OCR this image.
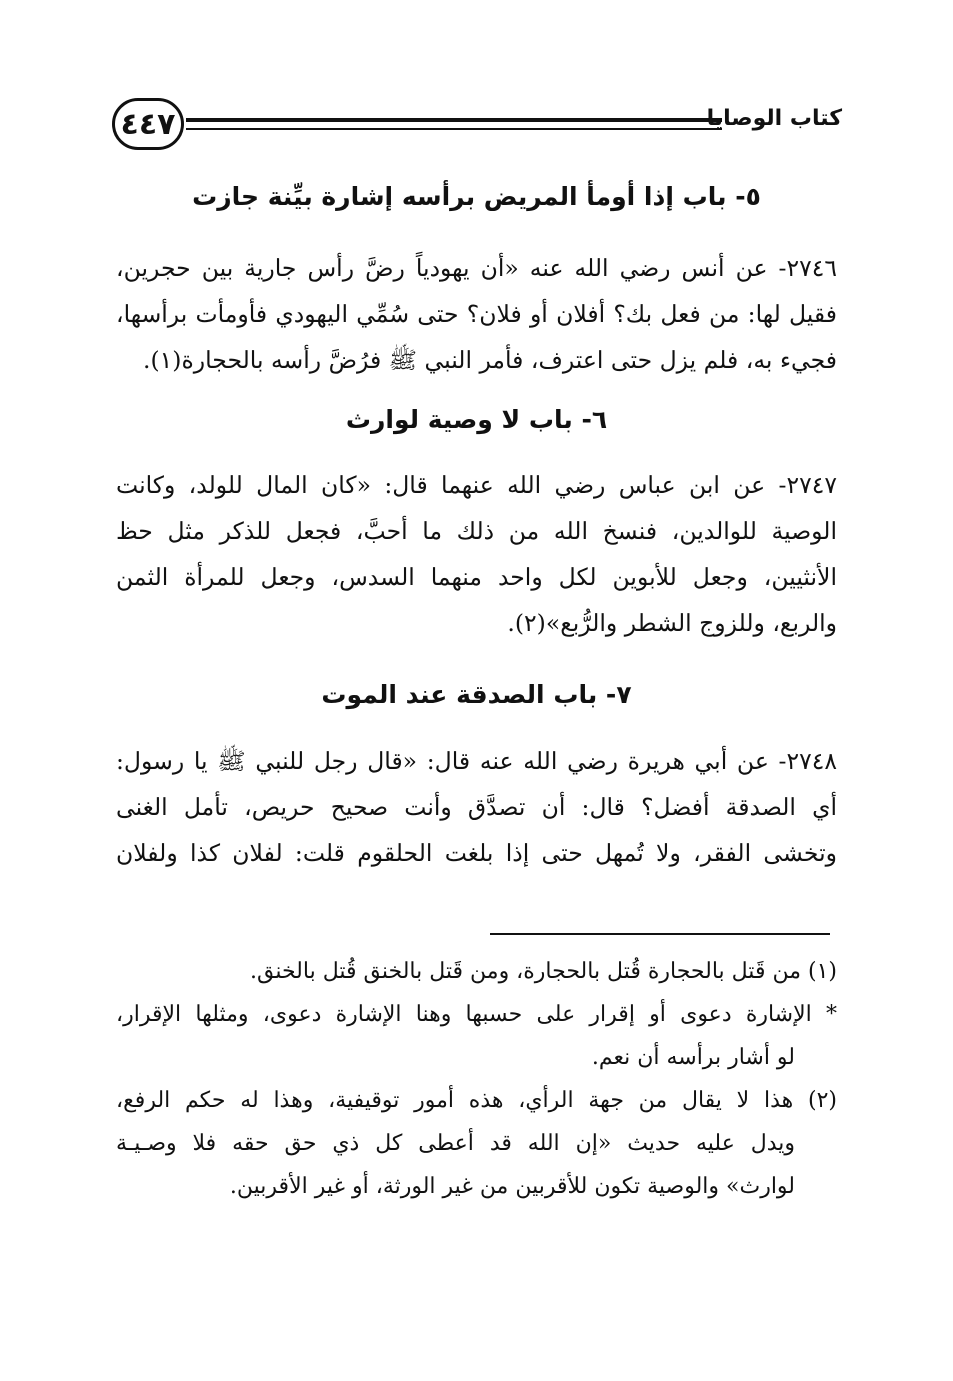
٤٤٧	كتاب الوصايا
٥- باب إذا أومأ المريض برأسه إشارة بيِّنة جازت
٢٧٤٦- عن أنس رضي الله عنه «أن يهودياً رضَّ رأس جارية بين حجرين،
فقيل لها: من فعل بك؟ أفلان أو فلان؟ حتى سُمِّي اليهودي فأومأت برأسها،
فجيء به، فلم يزل حتى اعترف، فأمر النبي ﷺ فرُضَّ رأسه بالحجارة(١).
٦- باب لا وصية لوارث
٢٧٤٧- عن ابن عباس رضي الله عنهما قال: «كان المال للولد، وكانت
الوصية للوالدين، فنسخ الله من ذلك ما أحبَّ، فجعل للذكر مثل حظ
الأنثيين، وجعل للأبوين لكل واحد منهما السدس، وجعل للمرأة الثمن
والربع، وللزوج الشطر والرُّبع»(٢).
٧- باب الصدقة عند الموت
٢٧٤٨- عن أبي هريرة رضي الله عنه قال: «قال رجل للنبي ﷺ يا رسول:
أي الصدقة أفضل؟ قال: أن تصدَّق وأنت صحيح حريص، تأمل الغنى
وتخشى الفقر، ولا تُمهل حتى إذا بلغت الحلقوم قلت: لفلان كذا ولفلان
(١) من قَتل بالحجارة قُتل بالحجارة، ومن قَتل بالخنق قُتل بالخنق.
* الإشارة دعوى أو إقرار على حسبها وهنا الإشارة دعوى، ومثلها الإقرار،
لو أشار برأسه أن نعم.
(٢) هذا لا يقال من جهة الرأي، هذه أمور توقيفية، وهذا له حكم الرفع،
ويدل عليه حديث «إن الله قد أعطى كل ذي حق حقه فلا وصـيـة
لوارث» والوصية تكون للأقربين من غير الورثة، أو غير الأقربين.
